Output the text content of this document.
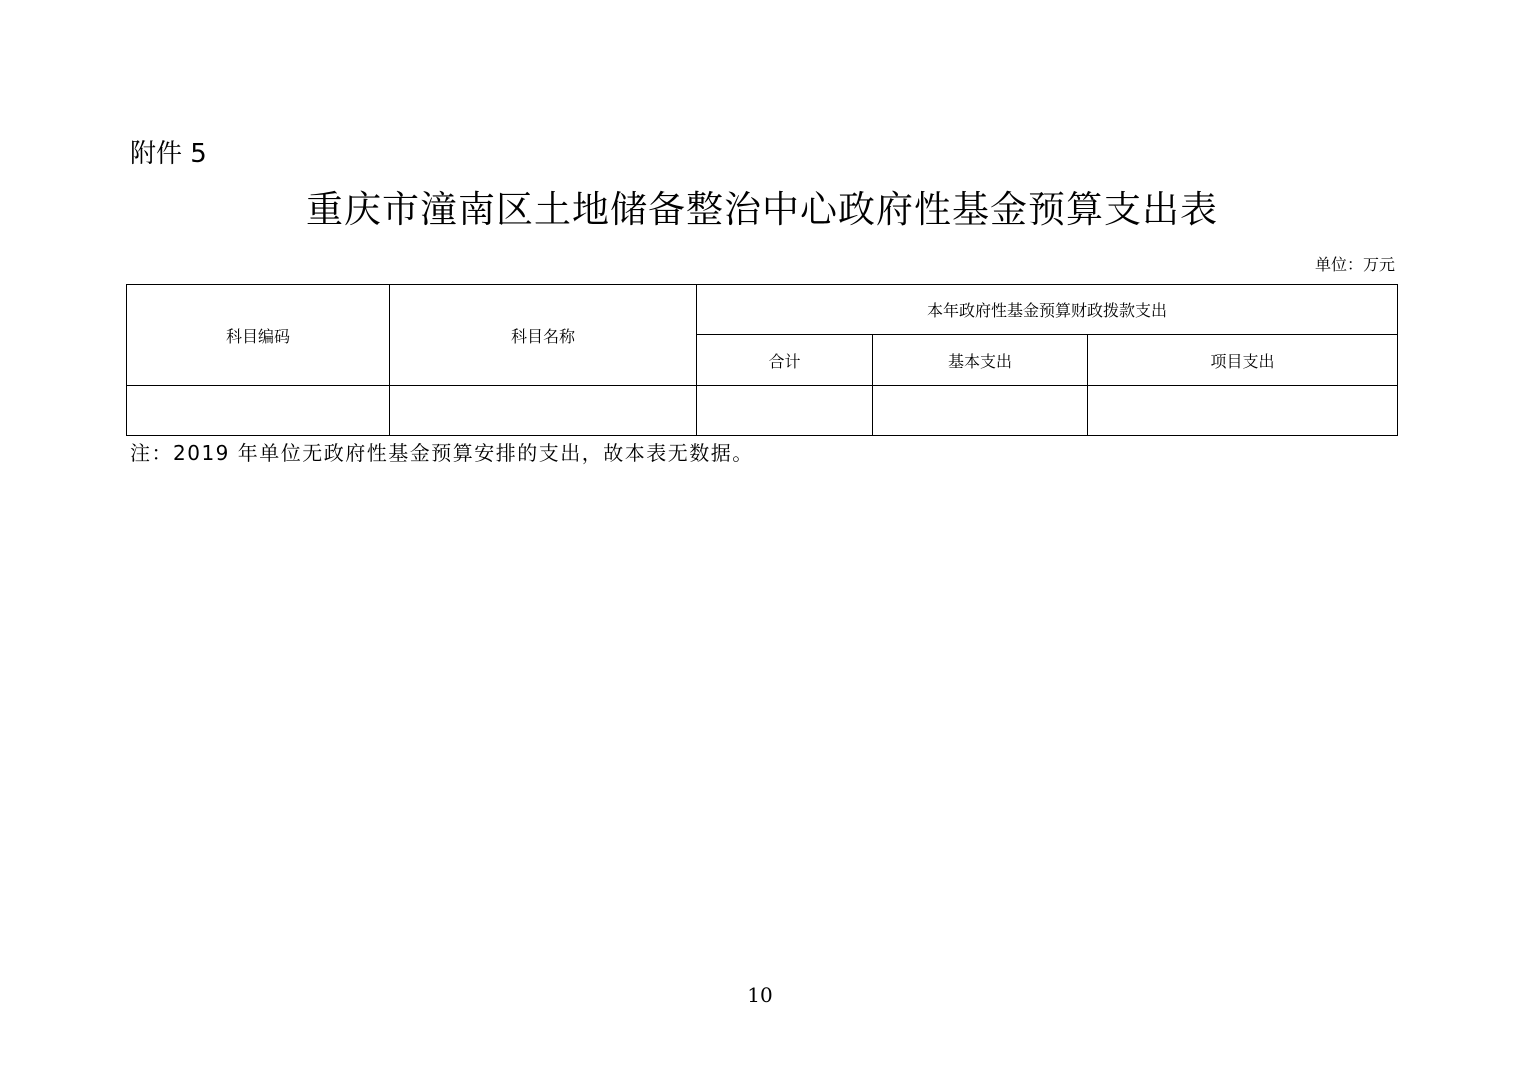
附件 5
重庆市潼南区土地储备整治中心政府性基金预算支出表
单位：万元
科目编码	科目名称	本年政府性基金预算财政拨款支出		
		合计	基本支出	项目支出

注：2019 年单位无政府性基金预算安排的支出，故本表无数据。
10
